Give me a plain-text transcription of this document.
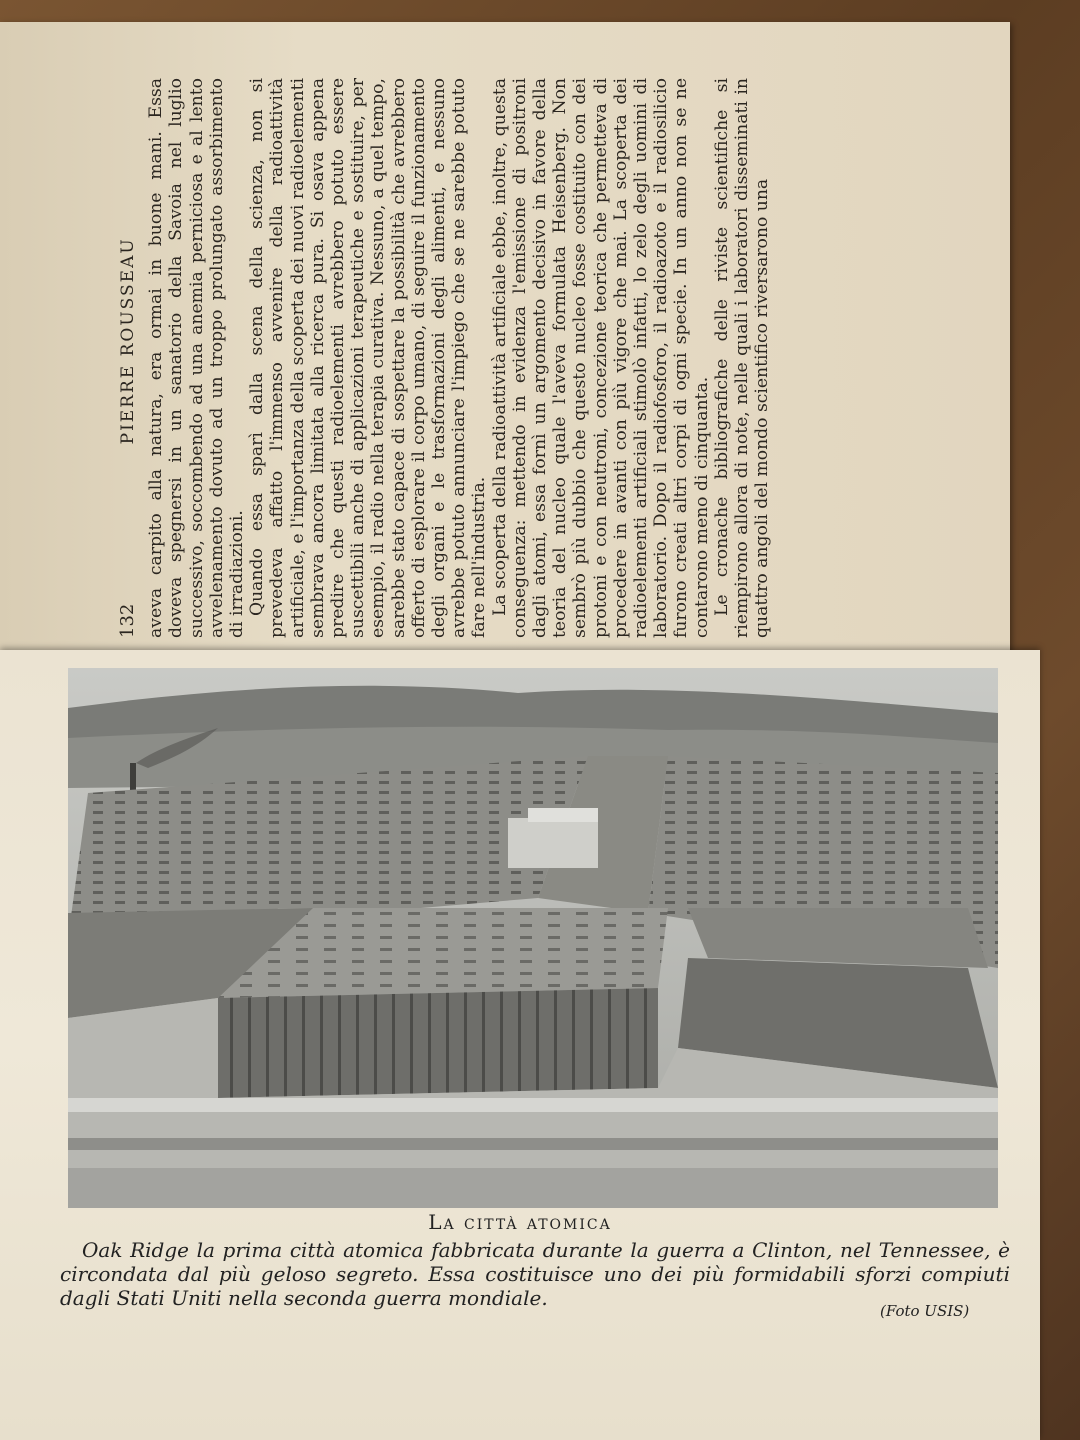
132
PIERRE ROUSSEAU aveva carpito alla natura, era ormai in buone mani. Essa doveva spegnersi in un sanatorio della Savoia nel luglio successivo, soccombendo ad una anemia perniciosa e al lento avvelenamento dovuto ad un troppo prolungato assorbimento di irradiazioni. Quando essa sparì dalla scena della scienza, non si prevedeva affatto l'immenso avvenire della radioattività artificiale, e l'importanza della scoperta dei nuovi radioelementi sembrava ancora limitata alla ricerca pura. Si osava appena predire che questi radioelementi avrebbero potuto essere suscettibili anche di applicazioni terapeutiche e sostituire, per esempio, il radio nella terapia curativa. Nessuno, a quel tempo, sarebbe stato capace di sospettare la possibilità che avrebbero offerto di esplorare il corpo umano, di seguire il funzionamento degli organi e le trasformazioni degli alimenti, e nessuno avrebbe potuto annunciare l'impiego che se ne sarebbe potuto fare nell'industria. La scoperta della radioattività artificiale ebbe, inoltre, questa conseguenza: mettendo in evidenza l'emissione di positroni dagli atomi, essa fornì un argomento decisivo in favore della teoria del nucleo quale l'aveva formulata Heisenberg. Non sembrò più dubbio che questo nucleo fosse costituito con dei protoni e con neutroni, concezione teorica che permetteva di procedere in avanti con più vigore che mai. La scoperta dei radioelementi artificiali stimolò infatti, lo zelo degli uomini di laboratorio. Dopo il radiofosforo, il radioazoto e il radiosilicio furono creati altri corpi di ogni specie. In un anno non se ne contarono meno di cinquanta. Le cronache bibliografiche delle riviste scientifiche si riempirono allora di note, nelle quali i laboratori disseminati in quattro angoli del mondo scientifico riversarono una

La città atomica
Oak Ridge la prima città atomica fabbricata durante la guerra a Clinton, nel Tennessee, è circondata dal più geloso segreto. Essa costituisce uno dei più formidabili sforzi compiuti dagli Stati Uniti nella seconda guerra mondiale.
(Foto USIS)
